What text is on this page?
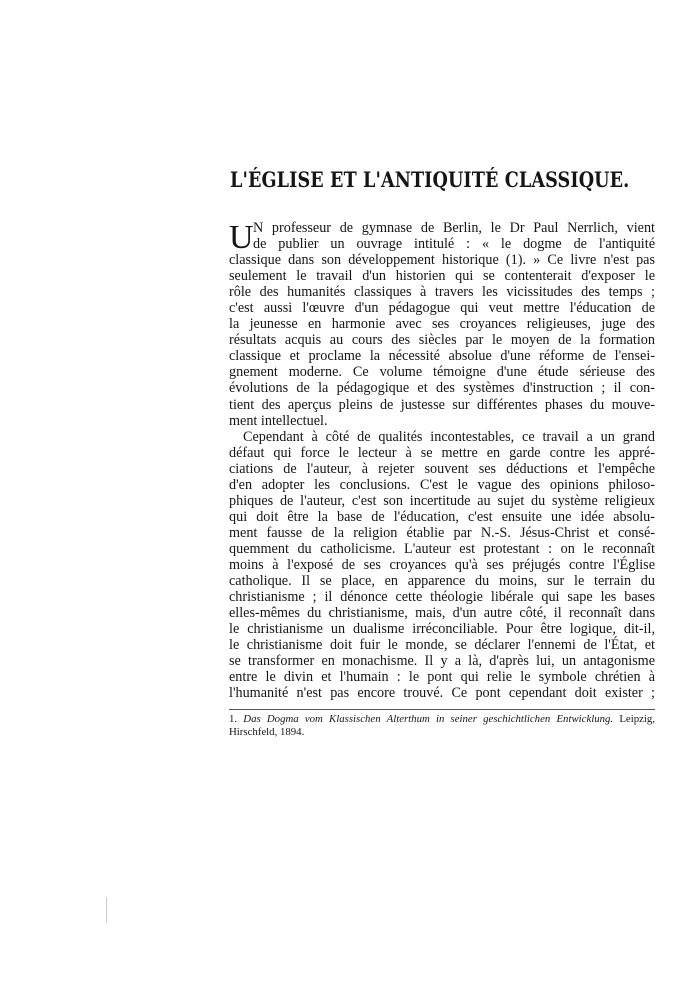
L'ÉGLISE ET L'ANTIQUITÉ CLASSIQUE.
U N professeur de gymnase de Berlin, le Dr Paul Nerrlich, vient
de publier un ouvrage intitulé : « le dogme de l'antiquité
classique dans son développement historique (1). » Ce livre n'est pas
seulement le travail d'un historien qui se contenterait d'exposer le
rôle des humanités classiques à travers les vicissitudes des temps ;
c'est aussi l'œuvre d'un pédagogue qui veut mettre l'éducation de
la jeunesse en harmonie avec ses croyances religieuses, juge des
résultats acquis au cours des siècles par le moyen de la formation
classique et proclame la nécessité absolue d'une réforme de l'ensei-
gnement moderne. Ce volume témoigne d'une étude sérieuse des
évolutions de la pédagogique et des systèmes d'instruction ; il con-
tient des aperçus pleins de justesse sur différentes phases du mouve-
ment intellectuel.
Cependant à côté de qualités incontestables, ce travail a un grand
défaut qui force le lecteur à se mettre en garde contre les appré-
ciations de l'auteur, à rejeter souvent ses déductions et l'empêche
d'en adopter les conclusions. C'est le vague des opinions philoso-
phiques de l'auteur, c'est son incertitude au sujet du système religieux
qui doit être la base de l'éducation, c'est ensuite une idée absolu-
ment fausse de la religion établie par N.-S. Jésus-Christ et consé-
quemment du catholicisme. L'auteur est protestant : on le reconnaît
moins à l'exposé de ses croyances qu'à ses préjugés contre l'Église
catholique. Il se place, en apparence du moins, sur le terrain du
christianisme ; il dénonce cette théologie libérale qui sape les bases
elles-mêmes du christianisme, mais, d'un autre côté, il reconnaît dans
le christianisme un dualisme irréconciliable. Pour être logique, dit-il,
le christianisme doit fuir le monde, se déclarer l'ennemi de l'État, et
se transformer en monachisme. Il y a là, d'après lui, un antagonisme
entre le divin et l'humain : le pont qui relie le symbole chrétien à
l'humanité n'est pas encore trouvé. Ce pont cependant doit exister ;
1. Das Dogma vom Klassischen Alterthum in seiner geschichtlichen Entwicklung. Leipzig,
Hirschfeld, 1894.
